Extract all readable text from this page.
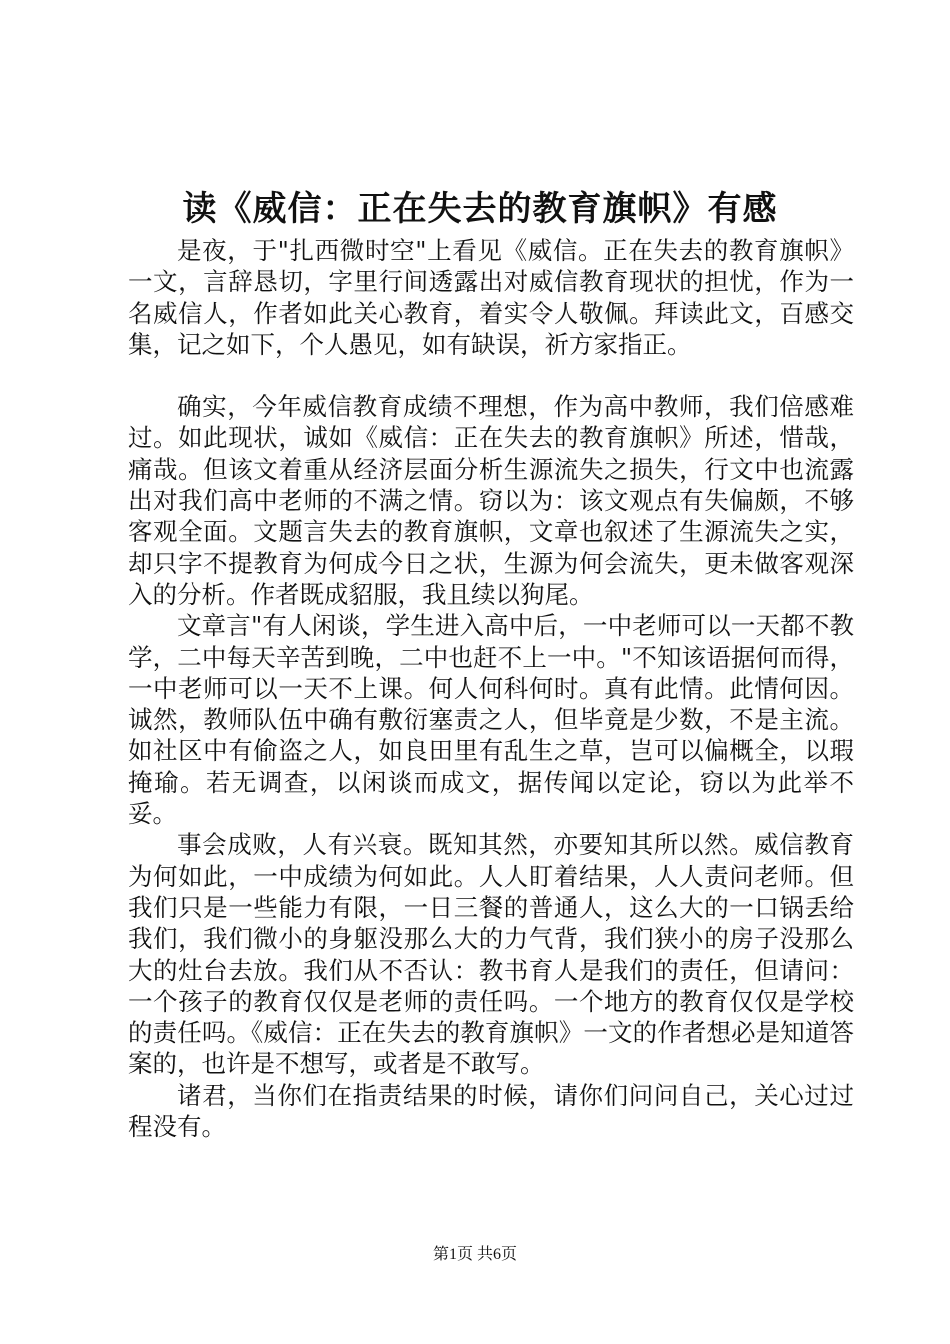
读《威信：正在失去的教育旗帜》有感

是夜，于"扎西微时空"上看见《威信。正在失去的教育旗帜》一文，言辞恳切，字里行间透露出对威信教育现状的担忧，作为一名威信人，作者如此关心教育，着实令人敬佩。拜读此文，百感交集，记之如下，个人愚见，如有缺误，祈方家指正。

确实，今年威信教育成绩不理想，作为高中教师，我们倍感难过。如此现状，诚如《威信：正在失去的教育旗帜》所述，惜哉，痛哉。但该文着重从经济层面分析生源流失之损失，行文中也流露出对我们高中老师的不满之情。窃以为：该文观点有失偏颇，不够客观全面。文题言失去的教育旗帜，文章也叙述了生源流失之实，却只字不提教育为何成今日之状，生源为何会流失，更未做客观深入的分析。作者既成貂服，我且续以狗尾。

文章言"有人闲谈，学生进入高中后，一中老师可以一天都不教学，二中每天辛苦到晚，二中也赶不上一中。"不知该语据何而得，一中老师可以一天不上课。何人何科何时。真有此情。此情何因。诚然，教师队伍中确有敷衍塞责之人，但毕竟是少数，不是主流。如社区中有偷盗之人，如良田里有乱生之草，岂可以偏概全，以瑕掩瑜。若无调查，以闲谈而成文，据传闻以定论，窃以为此举不妥。

事会成败，人有兴衰。既知其然，亦要知其所以然。威信教育为何如此，一中成绩为何如此。人人盯着结果，人人责问老师。但我们只是一些能力有限，一日三餐的普通人，这么大的一口锅丢给我们，我们微小的身躯没那么大的力气背，我们狭小的房子没那么大的灶台去放。我们从不否认：教书育人是我们的责任，但请问：一个孩子的教育仅仅是老师的责任吗。一个地方的教育仅仅是学校的责任吗。《威信：正在失去的教育旗帜》一文的作者想必是知道答案的，也许是不想写，或者是不敢写。

诸君，当你们在指责结果的时候，请你们问问自己，关心过过程没有。

第1页 共6页
